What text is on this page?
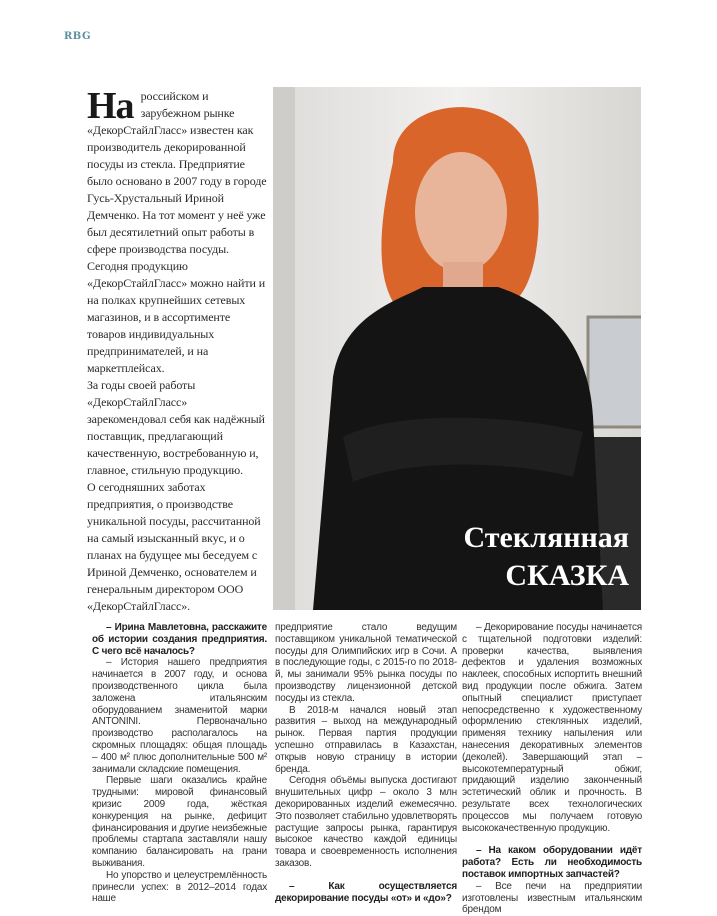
RBG

На российском и зарубежном рынке «ДекорСтайлГласс» известен как производитель декорированной посуды из стекла. Предприятие было основано в 2007 году в городе Гусь-Хрустальный Ириной Демченко. На тот момент у неё уже был десятилетний опыт работы в сфере производства посуды.

Сегодня продукцию «ДекорСтайлГласс» можно найти и на полках крупнейших сетевых магазинов, и в ассортименте товаров индивидуальных предпринимателей, и на маркетплейсах.

За годы своей работы «ДекорСтайлГласс» зарекомендовал себя как надёжный поставщик, предлагающий качественную, востребованную и, главное, стильную продукцию.

О сегодняшних заботах предприятия, о производстве уникальной посуды, рассчитанной на самый изысканный вкус, и о планах на будущее мы беседуем с Ириной Демченко, основателем и генеральным директором ООО «ДекорСтайлГласс».

Стеклянная
СКАЗКА

– Ирина Мавлетовна, расскажите об истории создания предприятия. С чего всё началось?

– История нашего предприятия начинается в 2007 году, и основа производственного цикла была заложена итальянским оборудованием знаменитой марки ANTONINI. Первоначально производство располагалось на скромных площадях: общая площадь – 400 м² плюс дополнительные 500 м² занимали складские помещения.

Первые шаги оказались крайне трудными: мировой финансовый кризис 2009 года, жёсткая конкуренция на рынке, дефицит финансирования и другие неизбежные проблемы стартапа заставляли нашу компанию балансировать на грани выживания.

Но упорство и целеустремлённость принесли успех: в 2012–2014 годах наше

предприятие стало ведущим поставщиком уникальной тематической посуды для Олимпийских игр в Сочи. А в последующие годы, с 2015-го по 2018-й, мы занимали 95% рынка посуды по производству лицензионной детской посуды из стекла.

В 2018-м начался новый этап развития – выход на международный рынок. Первая партия продукции успешно отправилась в Казахстан, открыв новую страницу в истории бренда.

Сегодня объёмы выпуска достигают внушительных цифр – около 3 млн декорированных изделий ежемесячно. Это позволяет стабильно удовлетворять растущие запросы рынка, гарантируя высокое качество каждой единицы товара и своевременность исполнения заказов.

– Как осуществляется декорирование посуды «от» и «до»?

– Декорирование посуды начинается с тщательной подготовки изделий: проверки качества, выявления дефектов и удаления возможных наклеек, способных испортить внешний вид продукции после обжига. Затем опытный специалист приступает непосредственно к художественному оформлению стеклянных изделий, применяя технику напыления или нанесения декоративных элементов (деколей). Завершающий этап – высокотемпературный обжиг, придающий изделию законченный эстетический облик и прочность. В результате всех технологических процессов мы получаем готовую высококачественную продукцию.

– На каком оборудовании идёт работа? Есть ли необходимость поставок импортных запчастей?

– Все печи на предприятии изготовлены известным итальянским брендом
